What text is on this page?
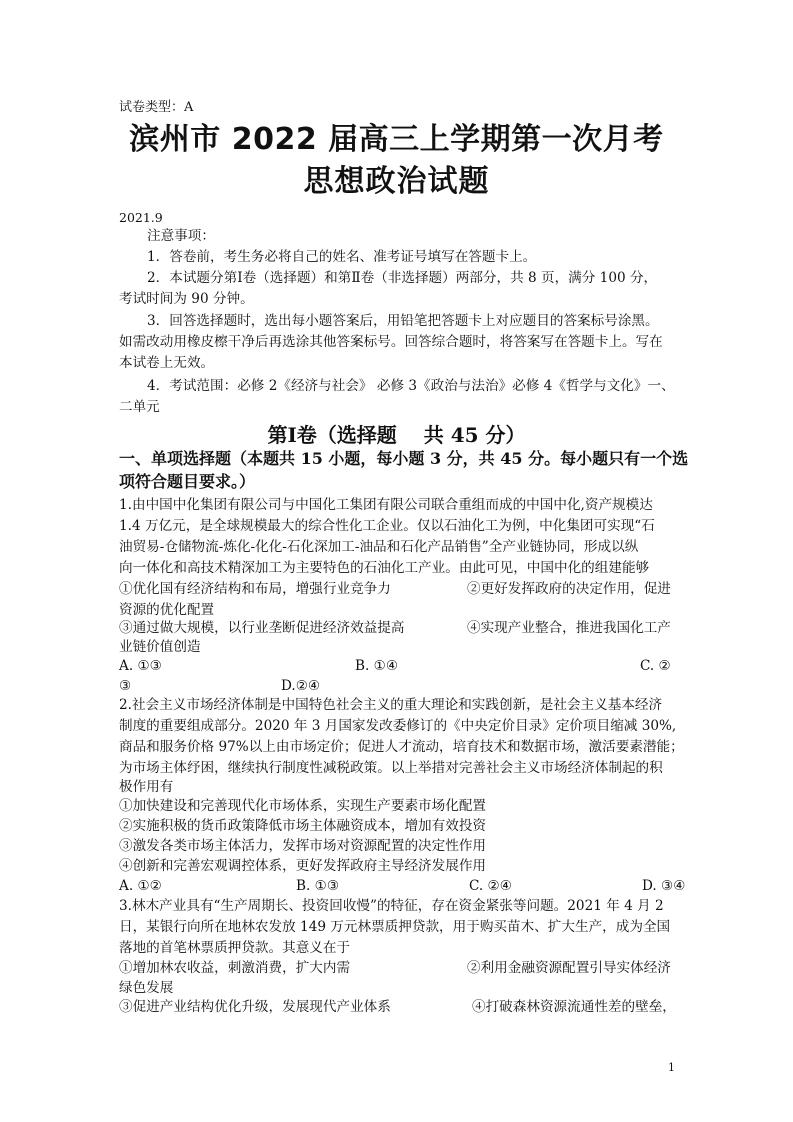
试卷类型：A
滨州市 2022 届高三上学期第一次月考
思想政治试题
2021.9
注意事项：
1．答卷前，考生务必将自己的姓名、准考证号填写在答题卡上。
2．本试题分第Ⅰ卷（选择题）和第Ⅱ卷（非选择题）两部分，共 8 页，满分 100 分，
考试时间为 90 分钟。
3．回答选择题时，选出每小题答案后，用铅笔把答题卡上对应题目的答案标号涂黑。
如需改动用橡皮檫干净后再选涂其他答案标号。回答综合题时，将答案写在答题卡上。写在
本试卷上无效。
4．考试范围：必修 2《经济与社会》 必修 3《政治与法治》必修 4《哲学与文化》一、
二单元
第Ⅰ卷（选择题　 共 45 分）
一、单项选择题（本题共 15 小题，每小题 3 分，共 45 分。每小题只有一个选
项符合题目要求。）
1.由中国中化集团有限公司与中国化工集团有限公司联合重组而成的中国中化,资产规模达
1.4 万亿元，是全球规模最大的综合性化工企业。仅以石油化工为例，中化集团可实现“石
油贸易-仓储物流-炼化-化化-石化深加工-油品和石化产品销售”全产业链协同，形成以纵
向一体化和高技术精深加工为主要特色的石油化工产业。由此可见，中国中化的组建能够
①优化国有经济结构和布局，增强行业竞争力	②更好发挥政府的决定作用，促进
资源的优化配置
③通过做大规模，以行业垄断促进经济效益提高	④实现产业整合，推进我国化工产
业链价值创造
A. ①③	B. ①④	C. ②
③	D.②④
2.社会主义市场经济体制是中国特色社会主义的重大理论和实践创新，是社会主义基本经济
制度的重要组成部分。2020 年 3 月国家发改委修订的《中央定价目录》定价项目缩减 30%,
商品和服务价格 97%以上由市场定价；促进人才流动，培育技术和数据市场，激活要素潜能；
为市场主体纾困，继续执行制度性减税政策。以上举措对完善社会主义市场经济体制起的积
极作用有
①加快建设和完善现代化市场体系，实现生产要素市场化配置
②实施积极的货币政策降低市场主体融资成本，增加有效投资
③激发各类市场主体活力，发挥市场对资源配置的决定性作用
④创新和完善宏观调控体系，更好发挥政府主导经济发展作用
A. ①②	B. ①③	C. ②④	D. ③④
3.林木产业具有“生产周期长、投资回收慢”的特征，存在资金紧张等问题。2021 年 4 月 2
日，某银行向所在地林农发放 149 万元林票质押贷款，用于购买苗木、扩大生产，成为全国
落地的首笔林票质押贷款。其意义在于
①增加林农收益，刺激消费，扩大内需	②利用金融资源配置引导实体经济
绿色发展
③促进产业结构优化升级，发展现代产业体系	④打破森林资源流通性差的壁垒，
1
